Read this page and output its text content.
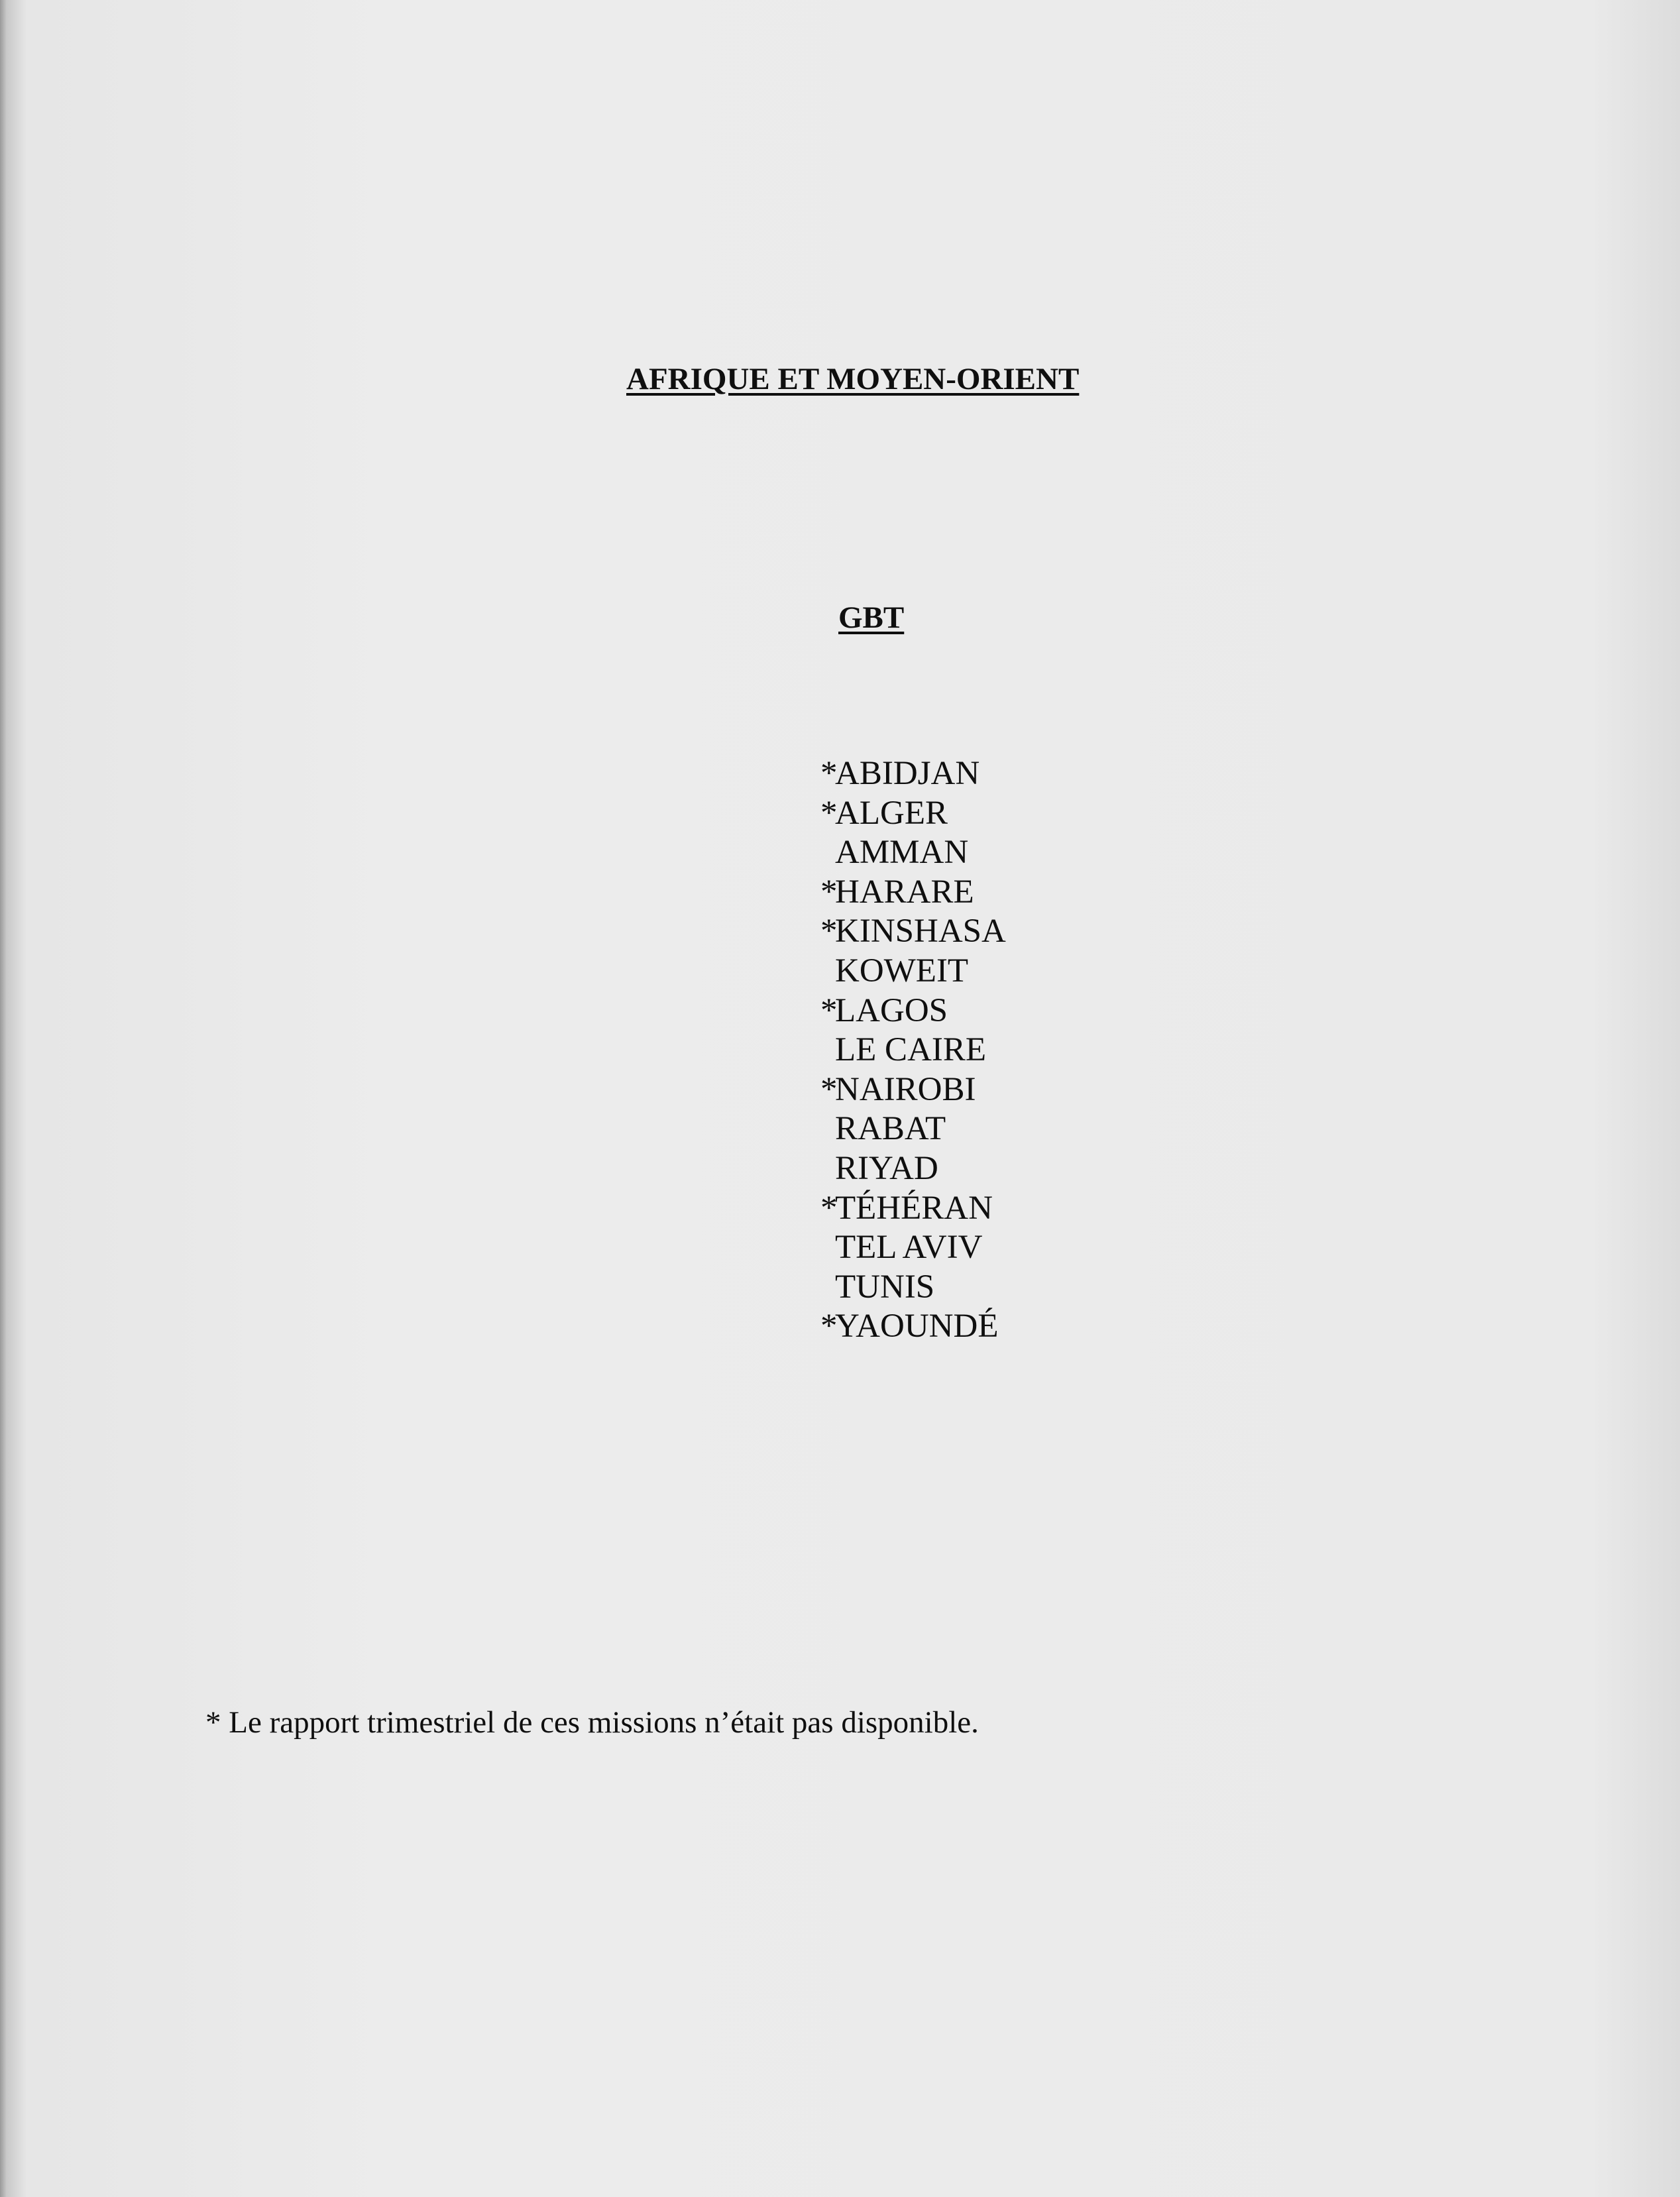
AFRIQUE ET MOYEN-ORIENT
GBT
*ABIDJAN
*ALGER
AMMAN
*HARARE
*KINSHASA
KOWEIT
*LAGOS
LE CAIRE
*NAIROBI
RABAT
RIYAD
*TÉHÉRAN
TEL AVIV
TUNIS
*YAOUNDÉ
* Le rapport trimestriel de ces missions n’était pas disponible.
